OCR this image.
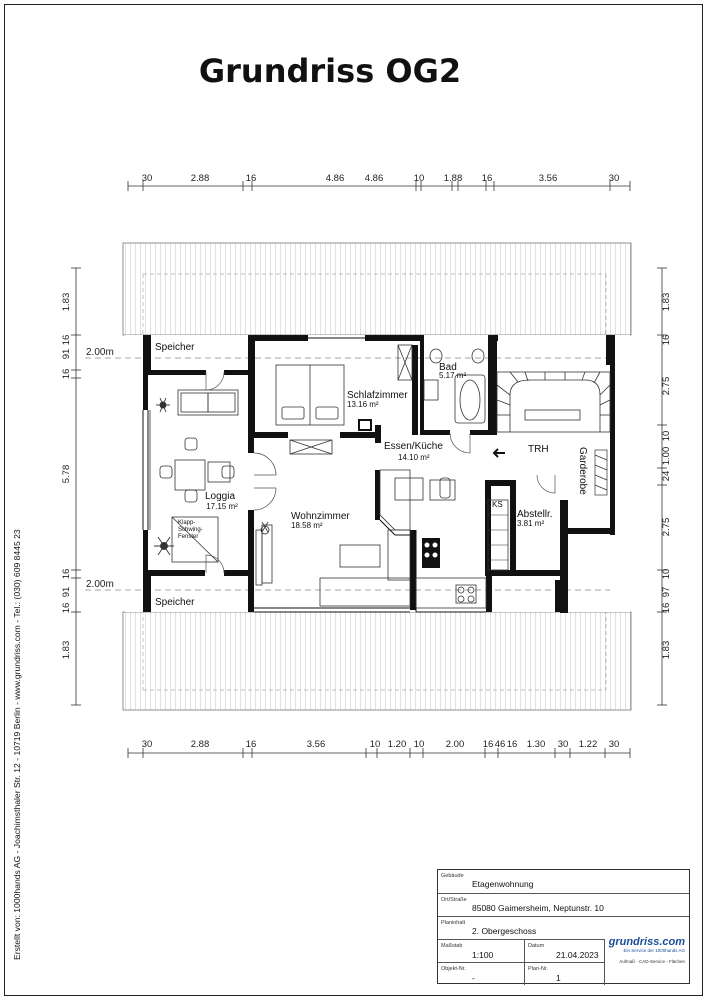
Grundriss OG2
30	2.88	16	4.86 4.86	10 1.88 16	3.56	30
30	2.88	16	3.56	10 1.20 10 2.00 16 46 16 1.30 30 1.22 30
1.83
16
91
16
5.78
16
91
16
1.83
1.83
16
2.75
10
1.00
24
2.75
10
97
16
1.83
2.00m
2.00m
Speicher
Speicher
Loggia
17.15 m²
Klapp-
Schwing-
Fenster
Schlafzimmer
13.16 m²
Bad
5.17 m²
Essen/Küche
14.10 m²
Wohnzimmer
18.58 m²
TRH	Garderobe
Abstellr.
3.81 m²
KS
Erstellt von: 1000hands AG - Joachimsthaler Str. 12 - 10719 Berlin - www.grundriss.com - Tel.: (030) 609 8445 23	Gebäude
Etagenwohnung
Ort/Straße
85080 Gaimersheim, Neptunstr. 10
Planinhalt
2. Obergeschoss
Maßstab
1:100
Datum
21.04.2023
Objekt-Nr.
-
Plan-Nr.
1
grundriss.com
Ein Service der 1000hands AG
Aufmaß - CAD-Service - Flächen
